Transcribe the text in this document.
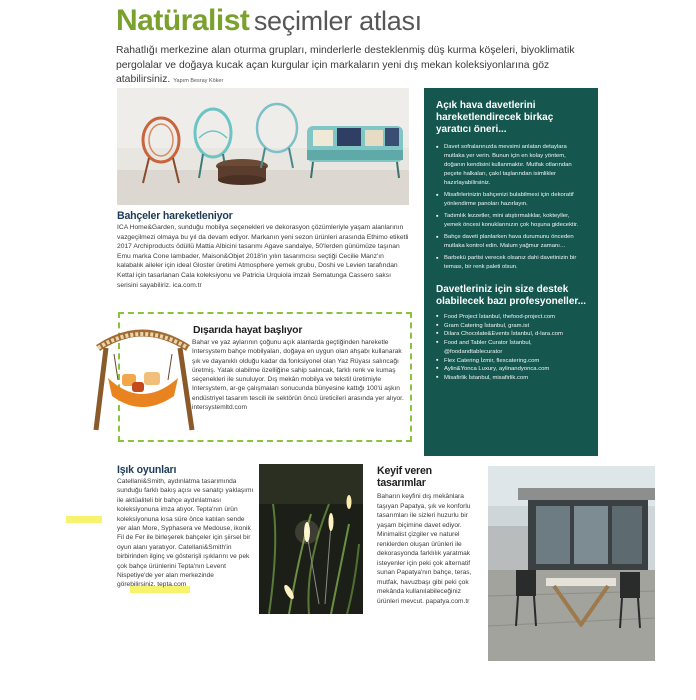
Natüralist seçimler atlası
Rahatlığı merkezine alan oturma grupları, minderlerle desteklenmiş düş kurma köşeleri, biyoklimatik pergolalar ve doğaya kucak açan kurgular için markaların yeni dış mekan koleksiyonlarına göz atabilirsiniz. Yapım Besray Köker
Bahçeler hareketleniyor
ICA Home&Garden, sunduğu mobilya seçenekleri ve dekorasyon çözümleriyle yaşam alanlarının vazgeçilmezi olmaya bu yıl da devam ediyor. Markanın yeni sezon ürünleri arasında Ethimo etiketli 2017 Archiproducts ödüllü Mattia Albicini tasarımı Agave sandalye, 50'lerden günümüze taşınan Emu marka Cone lambader, Maison&Objet 2018'in yılın tasarımcısı seçtiği Cecilie Manz'ın kalabalık aileler için ideal Gloster üretimi Atmosphere yemek grubu, Doshi ve Levien tarafından Kettal için tasarlanan Cala koleksiyonu ve Patricia Urquiola imzalı Sematunga Cassero saksı serisini sayabiliriz. ica.com.tr
Dışarıda hayat başlıyor
Bahar ve yaz aylarının çoğunu açık alanlarda geçtiğinden hareketle Intersystem bahçe mobilyaları, doğaya en uygun olan ahşabı kullanarak şık ve dayanıklı olduğu kadar da fonksiyonel olan Yaz Rüyası salıncağı üretmiş. Yatak olabilme özelliğine sahip salıncak, farklı renk ve kumaş seçenekleri ile sunuluyor. Dış mekân mobilya ve tekstil üretimiyle Intersystem, ar-ge çalışmaları sonucunda bünyesine kattığı 100'ü aşkın endüstriyel tasarım tescili ile sektörün öncü üreticileri arasında yer alıyor. intersystemltd.com
Açık hava davetlerini hareketlendirecek birkaç yaratıcı öneri...
▪ Davet sofralarınızda mevsimi anlatan detaylara mutlaka yer verin. Bunun için en kolay yöntem, doğanın kendisini kullanmaktır. Mutfak otlarından peçete halkaları, çakıl taşlarından isimlikler hazırlayabilirsiniz.
▪ Misafirlerinizin bahçenizi bulabilmesi için dekoratif yönlendirme panoları hazırlayın.
▪ Tadımlık lezzetler, mini atıştırmalıklar, kokteyller, yemek öncesi konuklarınızın çok hoşuna gidecektir.
▪ Bahçe daveti planlarken hava durumunu önceden mutlaka kontrol edin. Malum yağmur zamanı…
▪ Barbekü partisi verecek olsanız dahi davetinizin bir teması, bir renk paleti olsun.
Davetleriniz için size destek olabilecek bazı profesyoneller...
▪ Food Project İstanbul, thefood-project.com
▪ Gram Catering İstanbul, gram.ist
▪ Dilara Chocolate&Events İstanbul, d-lara.com
▪ Food and Tabler Curator İstanbul, @foodandtablecurator
▪ Flex Catering İzmir, flexcatering.com
▪ Aylin&Yonca Luxury, aylinandyonca.com
▪ Misafirlik İstanbul, misafirlik.com
Işık oyunları
Catellani&Smith, aydınlatma tasarımında sunduğu farklı bakış açısı ve sanatçı yaklaşımı ile aktüaliteli bir bahçe aydınlatması koleksiyonuna imza atıyor. Tepta'nın ürün koleksiyonuna kısa süre önce katılan sende yer alan More, Syphasera ve Medouse, ikonik Fil de Fer ile birleşerek bahçeler için şiirsel bir oyun alanı yaratıyor. Catellani&Smith'in birbirinden ilginç ve gösterişli ışıklarını ve pek çok bahçe ürünlerini Tepta'nın Levent Nispetiye'de yer alan merkezinde görebilirsiniz. tepta.com
Keyif veren tasarımlar
Baharın keyfini dış mekânlara taşıyan Papatya, şık ve konforlu tasarımları ile sizleri huzurlu bir yaşam biçimine davet ediyor. Minimalist çizgiler ve naturel renklerden oluşan ürünleri ile dekorasyonda farklılık yaratmak isteyenler için peki çok alternatif sunan Papatya'nın bahçe, teras, mutfak, havuzbaşı gibi peki çok mekânda kullanılabileceğiniz ürünleri mevcut. papatya.com.tr
